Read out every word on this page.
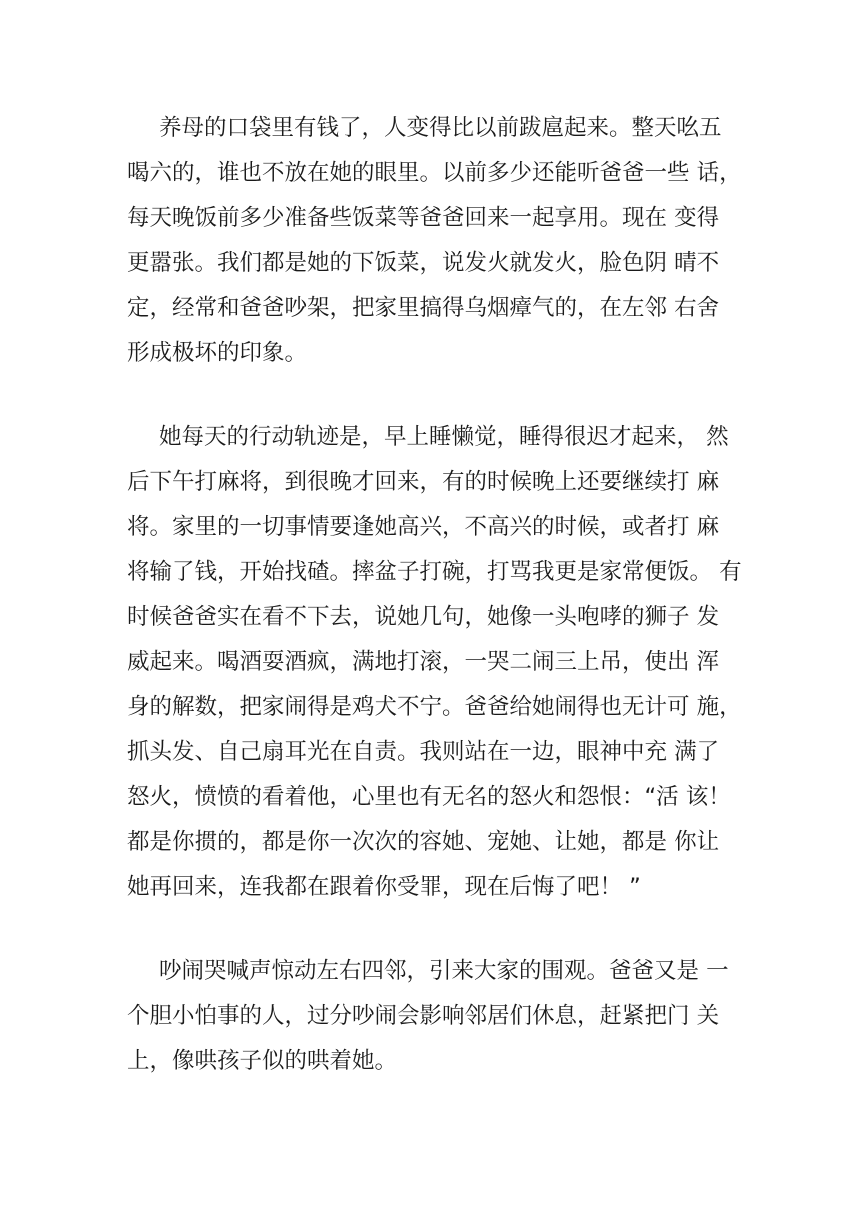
养母的口袋里有钱了，人变得比以前跋扈起来。整天吆五
喝六的，谁也不放在她的眼里。以前多少还能听爸爸一些 话，
每天晚饭前多少准备些饭菜等爸爸回来一起享用。现在 变得
更嚣张。我们都是她的下饭菜，说发火就发火，脸色阴 晴不
定，经常和爸爸吵架，把家里搞得乌烟瘴气的，在左邻 右舍
形成极坏的印象。

她每天的行动轨迹是，早上睡懒觉，睡得很迟才起来， 然
后下午打麻将，到很晚才回来，有的时候晚上还要继续打 麻
将。家里的一切事情要逢她高兴，不高兴的时候，或者打 麻
将输了钱，开始找碴。摔盆子打碗，打骂我更是家常便饭。 有
时候爸爸实在看不下去，说她几句，她像一头咆哮的狮子 发
威起来。喝酒耍酒疯，满地打滚，一哭二闹三上吊，使出 浑
身的解数，把家闹得是鸡犬不宁。爸爸给她闹得也无计可 施，
抓头发、自己扇耳光在自责。我则站在一边，眼神中充 满了
怒火，愤愤的看着他，心里也有无名的怒火和怨恨：“活 该！
都是你掼的，都是你一次次的容她、宠她、让她，都是 你让
她再回来，连我都在跟着你受罪，现在后悔了吧！ ”

吵闹哭喊声惊动左右四邻，引来大家的围观。爸爸又是 一
个胆小怕事的人，过分吵闹会影响邻居们休息，赶紧把门 关
上，像哄孩子似的哄着她。
